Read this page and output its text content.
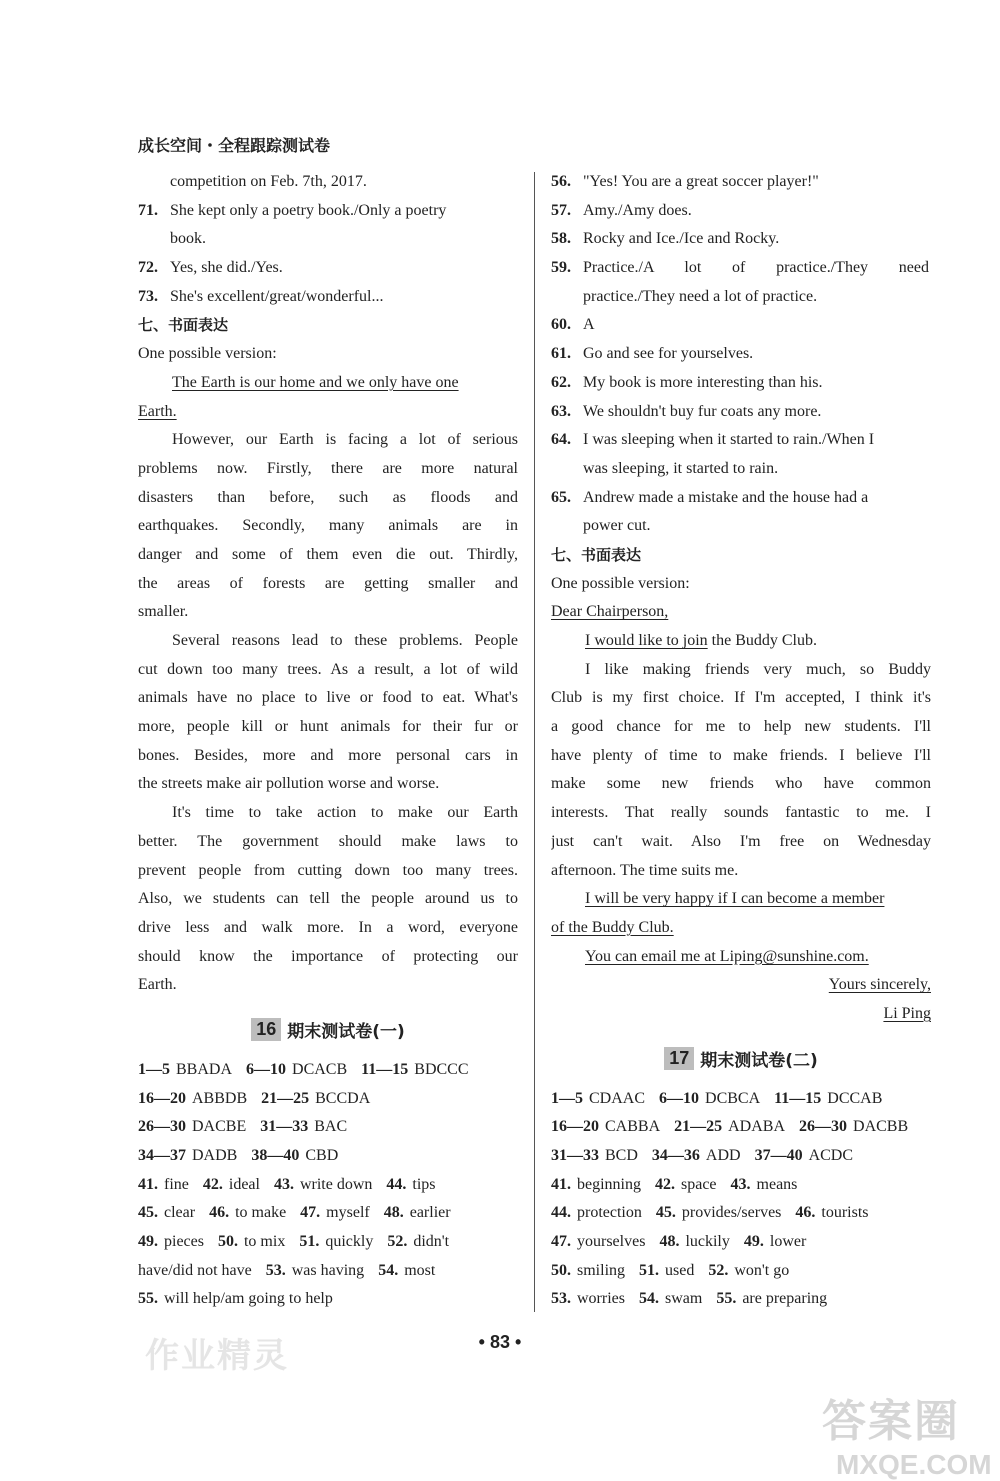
成长空间・全程跟踪测试卷
competition on Feb. 7th, 2017.
71. She kept only a poetry book./Only a poetry
book.
72. Yes, she did./Yes.
73. She's excellent/great/wonderful...
七、书面表达
One possible version:
The Earth is our home and we only have one
Earth.
However, our Earth is facing a lot of serious
problems now. Firstly, there are more natural
disasters than before, such as floods and
earthquakes. Secondly, many animals are in
danger and some of them even die out. Thirdly,
the areas of forests are getting smaller and
smaller.
Several reasons lead to these problems. People
cut down too many trees. As a result, a lot of wild
animals have no place to live or food to eat. What's
more, people kill or hunt animals for their fur or
bones. Besides, more and more personal cars in
the streets make air pollution worse and worse.
It's time to take action to make our Earth
better. The government should make laws to
prevent people from cutting down too many trees.
Also, we students can tell the people around us to
drive less and walk more. In a word, everyone
should know the importance of protecting our
Earth.
16 期末测试卷(一)
1—5 BBADA 6—10 DCACB 11—15 BDCCC
16—20 ABBDB 21—25 BCCDA
26—30 DACBE 31—33 BAC
34—37 DADB 38—40 CBD
41. fine 42. ideal 43. write down 44. tips
45. clear 46. to make 47. myself 48. earlier
49. pieces 50. to mix 51. quickly 52. didn't
have/did not have 53. was having 54. most
55. will help/am going to help
56. "Yes! You are a great soccer player!"
57. Amy./Amy does.
58. Rocky and Ice./Ice and Rocky.
59. Practice./A lot of practice./They need
practice./They need a lot of practice.
60. A
61. Go and see for yourselves.
62. My book is more interesting than his.
63. We shouldn't buy fur coats any more.
64. I was sleeping when it started to rain./When I
was sleeping, it started to rain.
65. Andrew made a mistake and the house had a
power cut.
七、书面表达
One possible version:
Dear Chairperson,
I would like to join the Buddy Club.
I like making friends very much, so Buddy
Club is my first choice. If I'm accepted, I think it's
a good chance for me to help new students. I'll
have plenty of time to make friends. I believe I'll
make some new friends who have common
interests. That really sounds fantastic to me. I
just can't wait. Also I'm free on Wednesday
afternoon. The time suits me.
I will be very happy if I can become a member
of the Buddy Club.
You can email me at Liping@sunshine.com.
Yours sincerely,
Li Ping
17 期末测试卷(二)
1—5 CDAAC 6—10 DCBCA 11—15 DCCAB
16—20 CABBA 21—25 ADABA 26—30 DACBB
31—33 BCD 34—36 ADD 37—40 ACDC
41. beginning 42. space 43. means
44. protection 45. provides/serves 46. tourists
47. yourselves 48. luckily 49. lower
50. smiling 51. used 52. won't go
53. worries 54. swam 55. are preparing
• 83 •
作业精灵
答案圈
MXQE.COM
